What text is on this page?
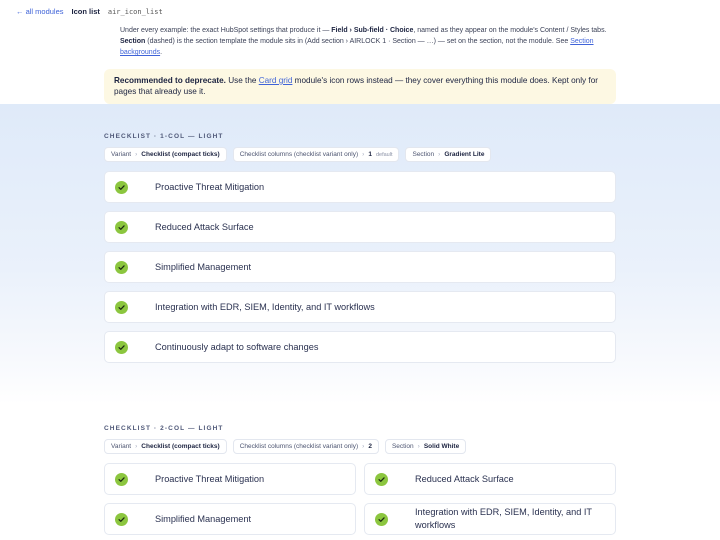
← all modules Icon list air_icon_list
Under every example: the exact HubSpot settings that produce it — Field › Sub-field · Choice, named as they appear on the module's Content / Styles tabs. Section (dashed) is the section template the module sits in (Add section › AIRLOCK 1 · Section — …) — set on the section, not the module. See Section backgrounds.
Recommended to deprecate. Use the Card grid module's icon rows instead — they cover everything this module does. Kept only for pages that already use it.
CHECKLIST · 1-COL — LIGHT
Variant › Checklist (compact ticks)	Checklist columns (checklist variant only) › 1 default	Section › Gradient Lite
Proactive Threat Mitigation
Reduced Attack Surface
Simplified Management
Integration with EDR, SIEM, Identity, and IT workflows
Continuously adapt to software changes
CHECKLIST · 2-COL — LIGHT
Variant › Checklist (compact ticks)	Checklist columns (checklist variant only) › 2	Section › Solid White
Proactive Threat Mitigation	Reduced Attack Surface
Simplified Management
Integration with EDR, SIEM, Identity, and IT workflows
